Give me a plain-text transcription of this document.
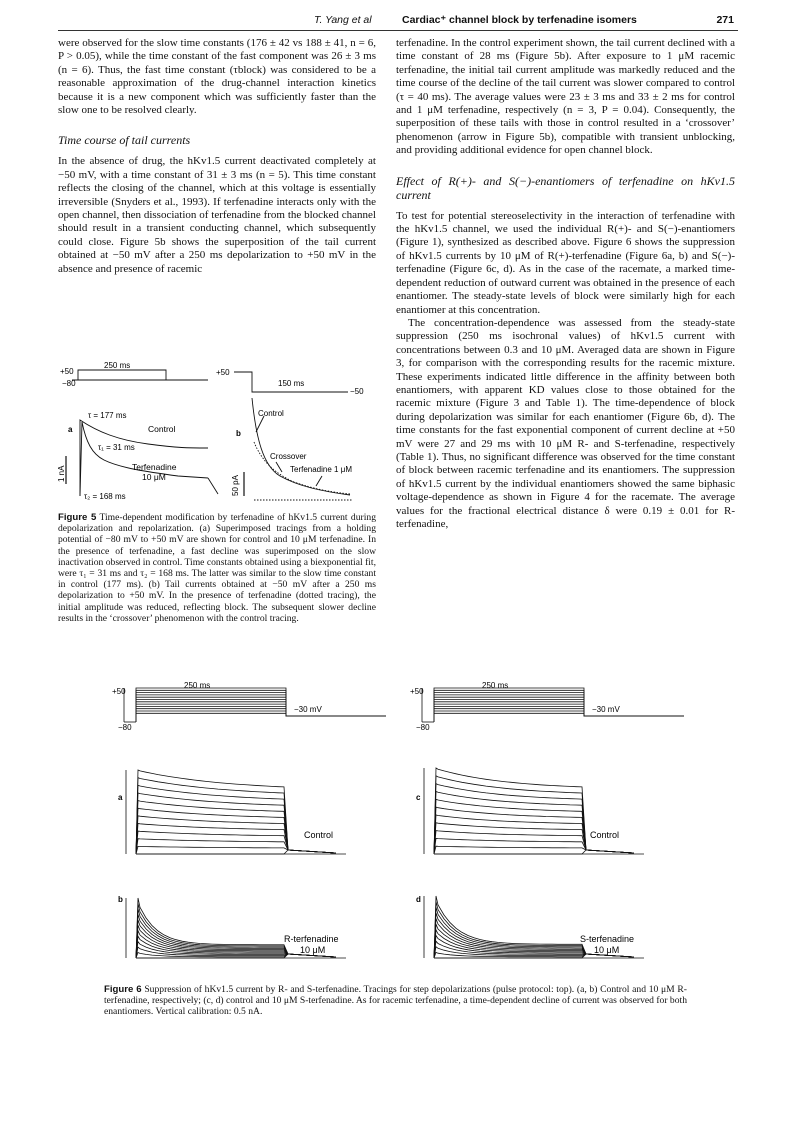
T. Yang et al	Cardiac⁺ channel block by terfenadine isomers	271

were observed for the slow time constants (176 ± 42 vs 188 ± 41, n = 6, P > 0.05), while the time constant of the fast component was 26 ± 3 ms (n = 6). Thus, the fast time constant (τblock) was considered to be a reasonable approximation of the drug-channel interaction kinetics because it is a new component which was sufficiently faster than the slow one to be resolved clearly.

Time course of tail currents

In the absence of drug, the hKv1.5 current deactivated completely at −50 mV, with a time constant of 31 ± 3 ms (n = 5). This time constant reflects the closing of the channel, which at this voltage is essentially irreversible (Snyders et al., 1993). If terfenadine interacts only with the open channel, then dissociation of terfenadine from the blocked channel should result in a transient conducting channel, which subsequently could close. Figure 5b shows the superposition of the tail current obtained at −50 mV after a 250 ms depolarization to +50 mV in the absence and presence of racemic

+50
−80
250 ms
a
τ = 177 ms
Control
τ₁ = 31 ms
Terfenadine
10 μM
τ₂ = 168 ms
1 nA
+50
150 ms
−50
b
Control
Crossover
Terfenadine 1 μM
50 pA
Figure 5 Time-dependent modification by terfenadine of hKv1.5 current during depolarization and repolarization. (a) Superimposed tracings from a holding potential of −80 mV to +50 mV are shown for control and 10 μM terfenadine. In the presence of terfenadine, a fast decline was superimposed on the slow inactivation observed in control. Time constants obtained using a biexponential fit, were τ₁ = 31 ms and τ₂ = 168 ms. The latter was similar to the slow time constant in control (177 ms). (b) Tail currents obtained at −50 mV after a 250 ms depolarization to +50 mV. In the presence of terfenadine (dotted tracing), the initial amplitude was reduced, reflecting block. The subsequent slower decline results in the ‘crossover’ phenomenon with the control tracing.

terfenadine. In the control experiment shown, the tail current declined with a time constant of 28 ms (Figure 5b). After exposure to 1 μM racemic terfenadine, the initial tail current amplitude was markedly reduced and the time course of the decline of the tail current was slower compared to control (τ = 40 ms). The average values were 23 ± 3 ms and 33 ± 2 ms for control and 1 μM terfenadine, respectively (n = 3, P = 0.04). Consequently, the superposition of these tails with those in control resulted in a ‘crossover’ phenomenon (arrow in Figure 5b), compatible with transient unblocking, and providing additional evidence for open channel block.

Effect of R(+)- and S(−)-enantiomers of terfenadine on hKv1.5 current

To test for potential stereoselectivity in the interaction of terfenadine with the hKv1.5 channel, we used the individual R(+)- and S(−)-enantiomers (Figure 1), synthesized as described above. Figure 6 shows the suppression of hKv1.5 currents by 10 μM of R(+)-terfenadine (Figure 6a, b) and S(−)-terfenadine (Figure 6c, d). As in the case of the racemate, a marked time-dependent reduction of outward current was obtained in the presence of each enantiomer. The steady-state levels of block were similarly high for each enantiomer at this concentration.

The concentration-dependence was assessed from the steady-state suppression (250 ms isochronal values) of hKv1.5 current with concentrations between 0.3 and 10 μM. Averaged data are shown in Figure 3, for comparison with the corresponding results for the racemic mixture. These experiments indicated little difference in the affinity between both enantiomers, with apparent KD values close to those obtained for the racemic mixture (Figure 3 and Table 1). The time-dependence of block during depolarization was similar for each enantiomer (Figure 6b, d). The time constants for the fast exponential component of current decline at +50 mV were 27 and 29 ms with 10 μM R- and S-terfenadine, respectively (Table 1). Thus, no significant difference was observed for the time constant of block between racemic terfenadine and its enantiomers. The suppression of hKv1.5 current by the individual enantiomers showed the same biphasic voltage-dependence as shown in Figure 4 for the racemate. The average values for the fractional electrical distance δ were 0.19 ± 0.01 for R-terfenadine,

+50
−80
250 ms
−30 mV
+50
−80
250 ms
−30 mV
a
b
c
d
Control	Control
R-terfenadine
10 μM
S-terfenadine
10 μM
Figure 6 Suppression of hKv1.5 current by R- and S-terfenadine. Tracings for step depolarizations (pulse protocol: top). (a, b) Control and 10 μM R-terfenadine, respectively; (c, d) control and 10 μM S-terfenadine. As for racemic terfenadine, a time-dependent decline of current was observed for both enantiomers. Vertical calibration: 0.5 nA.
